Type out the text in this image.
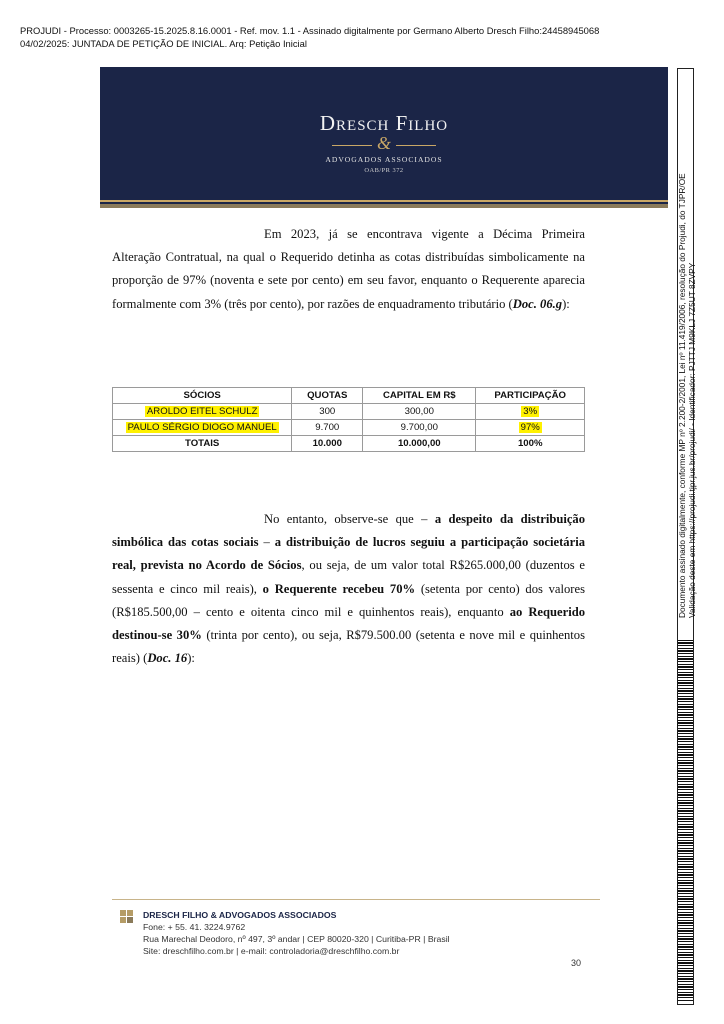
PROJUDI - Processo: 0003265-15.2025.8.16.0001 - Ref. mov. 1.1 - Assinado digitalmente por Germano Alberto Dresch Filho:24458945068
04/02/2025: JUNTADA DE PETIÇÃO DE INICIAL. Arq: Petição Inicial
Dresch Filho
&
ADVOGADOS ASSOCIADOS
OAB/PR 372

Em 2023, já se encontrava vigente a Décima Primeira Alteração Contratual, na qual o Requerido detinha as cotas distribuídas simbolicamente na proporção de 97% (noventa e sete por cento) em seu favor, enquanto o Requerente aparecia formalmente com 3% (três por cento), por razões de enquadramento tributário (Doc. 06.g):

SÓCIOS	QUOTAS	CAPITAL EM R$	PARTICIPAÇÃO
AROLDO EITEL SCHULZ	300	300,00	3%
PAULO SÉRGIO DIOGO MANUEL	9.700	9.700,00	97%
TOTAIS	10.000	10.000,00	100%

No entanto, observe-se que – a despeito da distribuição simbólica das cotas sociais – a distribuição de lucros seguiu a participação societária real, prevista no Acordo de Sócios, ou seja, de um valor total R$265.000,00 (duzentos e sessenta e cinco mil reais), o Requerente recebeu 70% (setenta por cento) dos valores (R$185.500,00 – cento e oitenta cinco mil e quinhentos reais), enquanto ao Requerido destinou-se 30% (trinta por cento), ou seja, R$79.500.00 (setenta e nove mil e quinhentos reais) (Doc. 16):

DRESCH FILHO & ADVOGADOS ASSOCIADOS
Fone: + 55. 41. 3224.9762
Rua Marechal Deodoro, nº 497, 3º andar | CEP 80020-320 | Curitiba-PR | Brasil
Site: dreschfilho.com.br | e-mail: controladoria@dreschfilho.com.br
30
Documento assinado digitalmente, conforme MP nº 2.200-2/2001, Lei nº 11.419/2006, resolução do Projudi, do TJPR/OE Validação deste em https://projudi.tjpr.jus.br/projudi/ - Identificador: PJTTJ M9KLJ 7Z5UT 8ZVPY
